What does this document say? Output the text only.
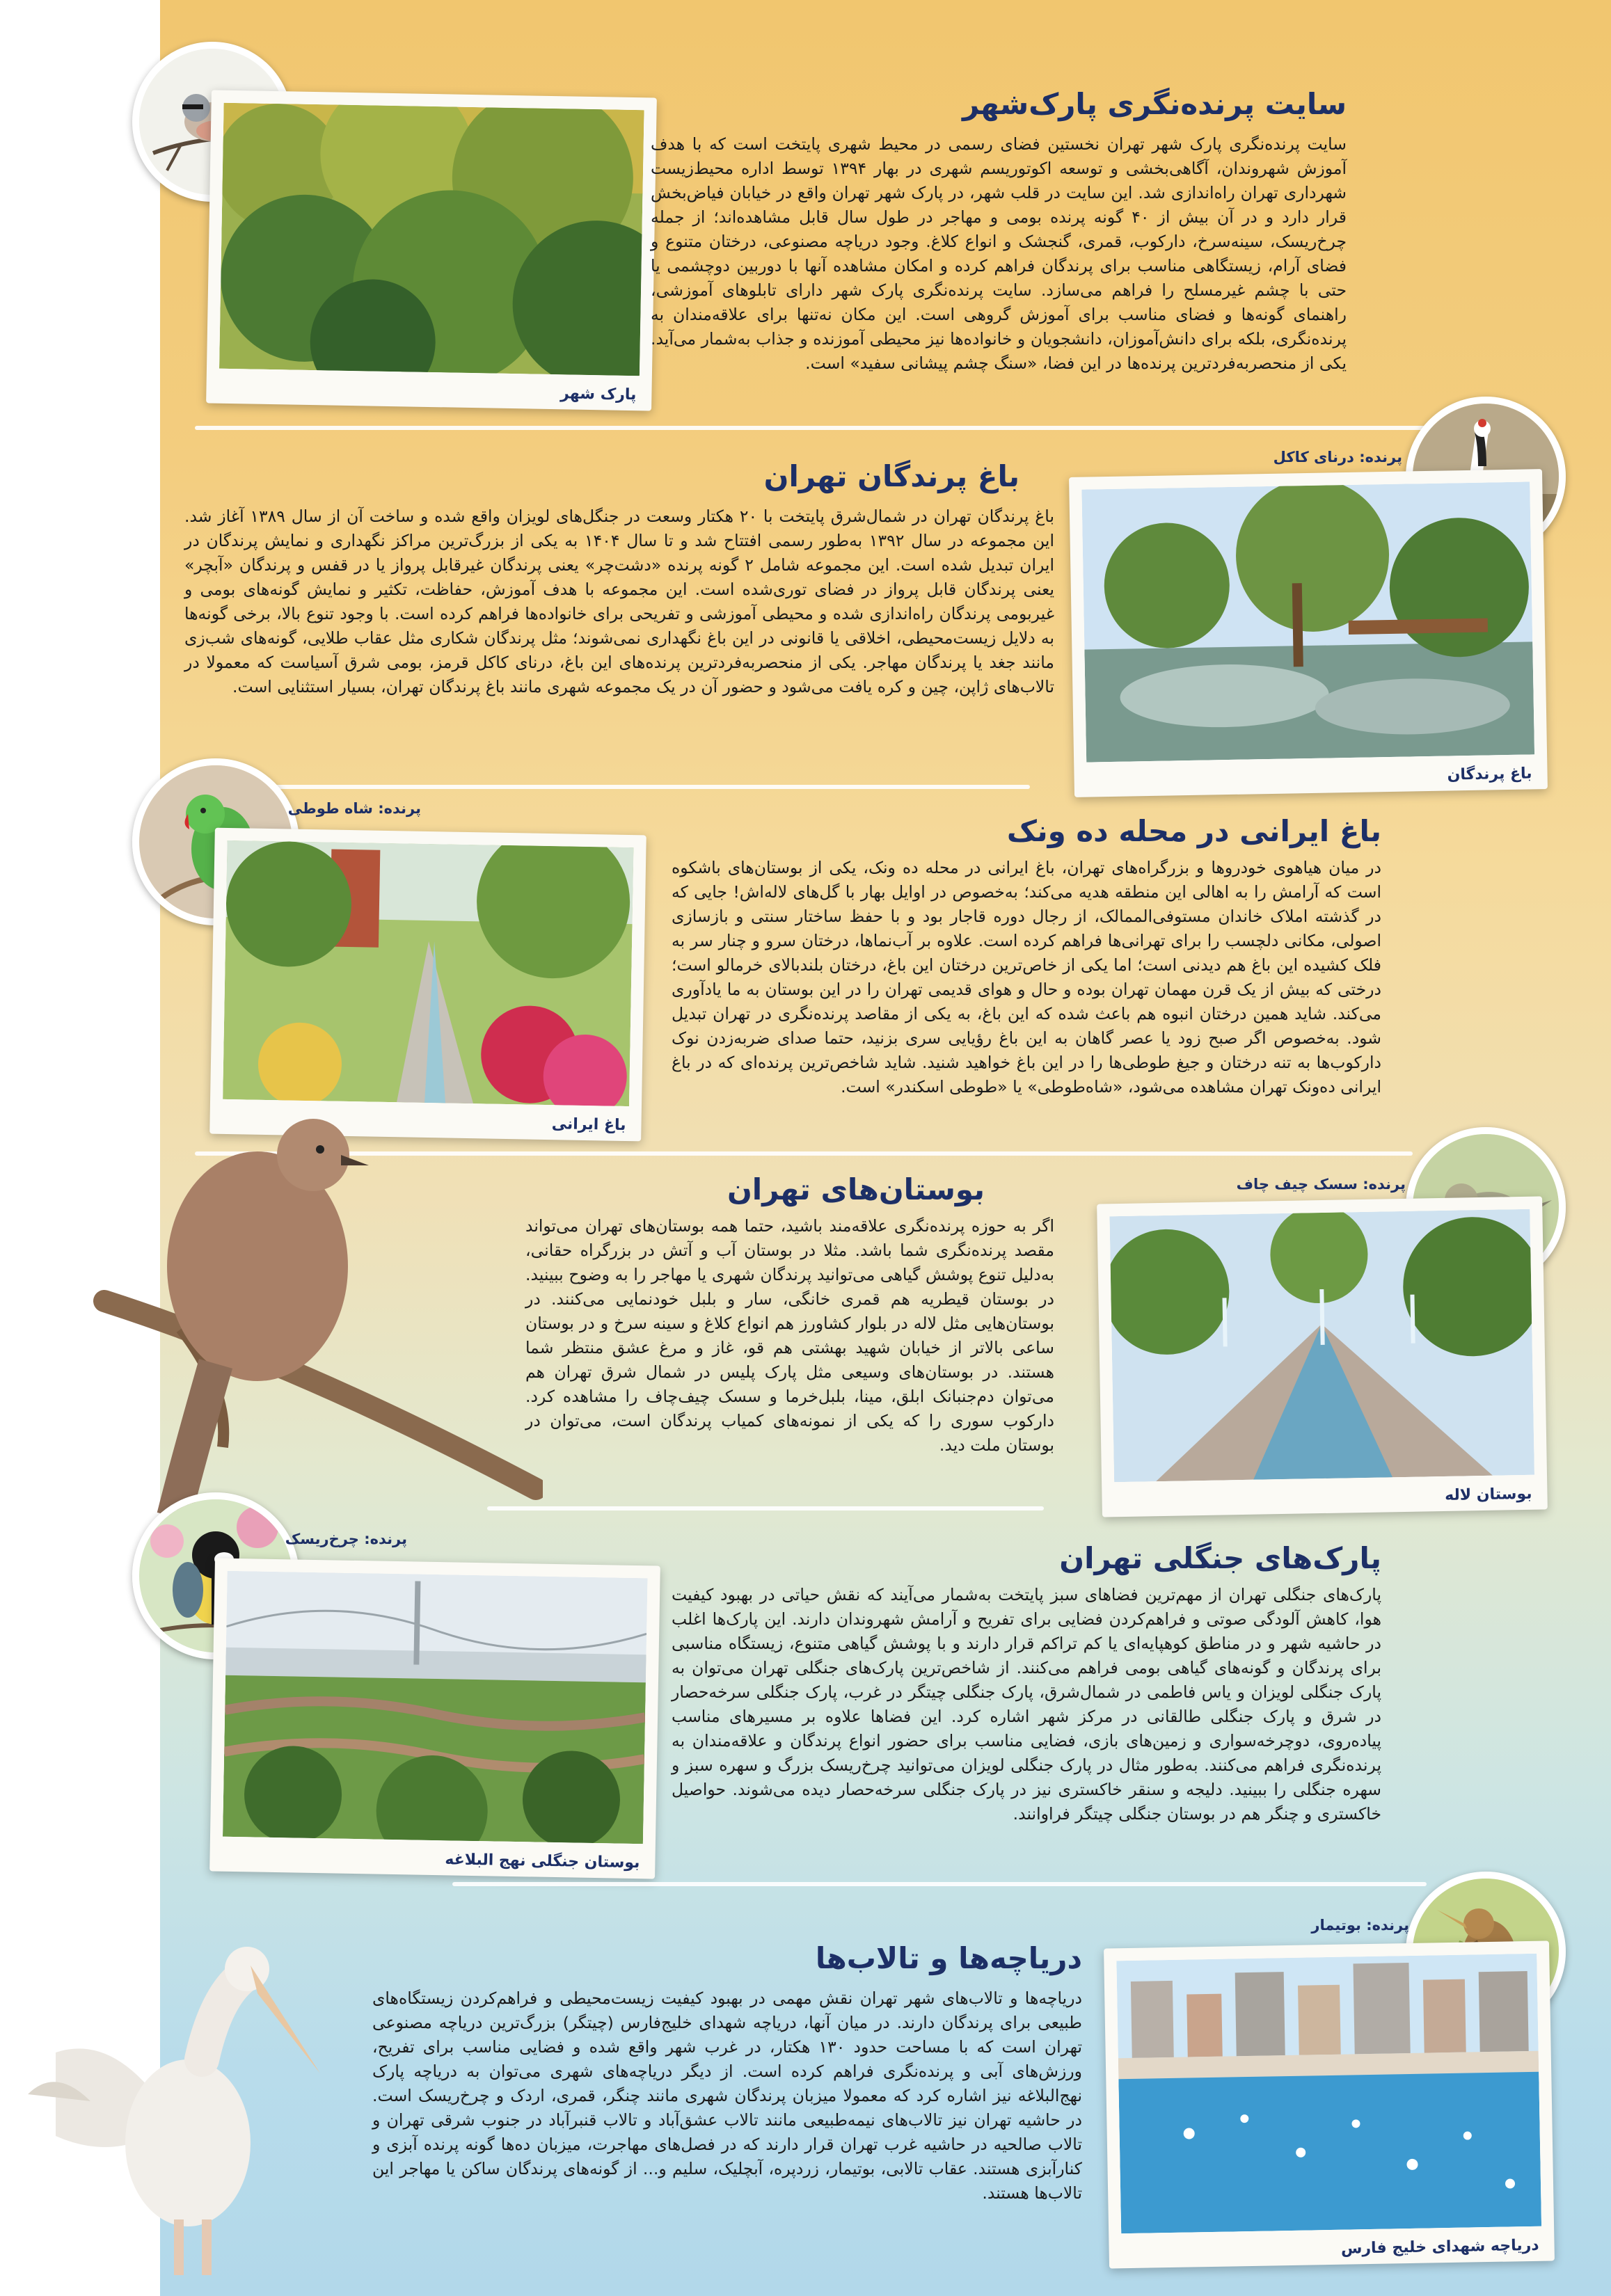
پارک شهر
سایت پرنده‌نگری پارک‌شهر
سایت پرنده‌نگری پارک شهر تهران نخستین فضای رسمی در محیط شهری پایتخت است که با هدف آموزش شهروندان، آگاهی‌بخشی و توسعه اکوتوریسم شهری در بهار ۱۳۹۴ توسط اداره محیط‌زیست شهرداری تهران راه‌اندازی شد. این سایت در قلب شهر، در پارک شهر تهران واقع در خیابان فیاض‌بخش قرار دارد و در آن بیش از ۴۰ گونه پرنده بومی و مهاجر در طول سال قابل مشاهده‌اند؛ از جمله چرخ‌ریسک، سینه‌سرخ، دارکوب، قمری، گنجشک و انواع کلاغ. وجود دریاچه مصنوعی، درختان متنوع و فضای آرام، زیستگاهی مناسب برای پرندگان فراهم کرده و امکان مشاهده آنها با دوربین دوچشمی یا حتی با چشم غیرمسلح را فراهم می‌سازد. سایت پرنده‌نگری پارک شهر دارای تابلوهای آموزشی، راهنمای گونه‌ها و فضای مناسب برای آموزش گروهی است. این مکان نه‌تنها برای علاقه‌مندان به پرنده‌نگری، بلکه برای دانش‌آموزان، دانشجویان و خانواده‌ها نیز محیطی آموزنده و جذاب به‌شمار می‌آید. یکی از منحصربه‌فردترین پرنده‌ها در این فضا، «سنگ چشم پیشانی سفید» است.
پرنده: درنای کاکل
باغ پرندگان
باغ پرندگان تهران
باغ پرندگان تهران در شمال‌شرق پایتخت با ۲۰ هکتار وسعت در جنگل‌های لویزان واقع شده و ساخت آن از سال ۱۳۸۹ آغاز شد. این مجموعه در سال ۱۳۹۲ به‌طور رسمی افتتاح شد و تا سال ۱۴۰۴ به یکی از بزرگ‌ترین مراکز نگهداری و نمایش پرندگان در ایران تبدیل شده است. این مجموعه شامل ۲ گونه پرنده «دشت‌چر» یعنی پرندگان غیرقابل پرواز یا در قفس و پرندگان «آبچر» یعنی پرندگان قابل پرواز در فضای توری‌شده است. این مجموعه با هدف آموزش، حفاظت، تکثیر و نمایش گونه‌های بومی و غیربومی پرندگان راه‌اندازی شده و محیطی آموزشی و تفریحی برای خانواده‌ها فراهم کرده است. با وجود تنوع بالا، برخی گونه‌ها به دلایل زیست‌محیطی، اخلاقی یا قانونی در این باغ نگهداری نمی‌شوند؛ مثل پرندگان شکاری مثل عقاب طلایی، گونه‌های شب‌زی مانند جغد یا پرندگان مهاجر. یکی از منحصربه‌فردترین پرنده‌های این باغ، درنای کاکل قرمز، بومی شرق آسیاست که معمولا در تالاب‌های ژاپن، چین و کره یافت می‌شود و حضور آن در یک مجموعه شهری مانند باغ پرندگان تهران، بسیار استثنایی است.
پرنده: شاه طوطی
باغ ایرانی
باغ ایرانی در محله ده ونک
در میان هیاهوی خودروها و بزرگراه‌های تهران، باغ ایرانی در محله ده ونک، یکی از بوستان‌های باشکوه است که آرامش را به اهالی این منطقه هدیه می‌کند؛ به‌خصوص در اوایل بهار با گل‌های لاله‌اش! جایی که در گذشته املاک خاندان مستوفی‌الممالک، از رجال دوره قاجار بود و با حفظ ساختار سنتی و بازسازی اصولی، مکانی دلچسب را برای تهرانی‌ها فراهم کرده است. علاوه بر آب‌نماها، درختان سرو و چنار سر به فلک کشیده این باغ هم دیدنی است؛ اما یکی از خاص‌ترین درختان این باغ، درختان بلندبالای خرمالو است؛ درختی که بیش از یک قرن مهمان تهران بوده و حال و هوای قدیمی تهران را در این بوستان به ما یادآوری می‌کند. شاید همین درختان انبوه هم باعث شده که این باغ، به یکی از مقاصد پرنده‌نگری در تهران تبدیل شود. به‌خصوص اگر صبح زود یا عصر گاهان به این باغ رؤیایی سری بزنید، حتما صدای ضربه‌زدن نوک دارکوب‌ها به تنه درختان و جیغ طوطی‌ها را در این باغ خواهید شنید. شاید شاخص‌ترین پرنده‌ای که در باغ ایرانی ده‌ونک تهران مشاهده می‌شود، «شاه‌طوطی» یا «طوطی اسکندر» است.
پرنده: سسک چیف چاف
بوستان لاله
بوستان‌های تهران
اگر به حوزه پرنده‌نگری علاقه‌مند باشید، حتما همه بوستان‌های تهران می‌تواند مقصد پرنده‌نگری شما باشد. مثلا در بوستان آب و آتش در بزرگراه حقانی، به‌دلیل تنوع پوشش گیاهی می‌توانید پرندگان شهری یا مهاجر را به وضوح ببینید. در بوستان قیطریه هم قمری خانگی، سار و بلبل خودنمایی می‌کنند. در بوستان‌هایی مثل لاله در بلوار کشاورز هم انواع کلاغ و سینه سرخ و در بوستان ساعی بالاتر از خیابان شهید بهشتی هم قو، غاز و مرغ عشق منتظر شما هستند. در بوستان‌های وسیعی مثل پارک پلیس در شمال شرق تهران هم می‌توان دم‌جنبانک ابلق، مینا، بلبل‌خرما و سسک چیف‌چاف را مشاهده کرد. دارکوب سوری را که یکی از نمونه‌های کمیاب پرندگان است، می‌توان در بوستان ملت دید.
پرنده: چرخ‌ریسک
بوستان جنگلی نهج البلاغه
پارک‌های جنگلی تهران
پارک‌های جنگلی تهران از مهم‌ترین فضاهای سبز پایتخت به‌شمار می‌آیند که نقش حیاتی در بهبود کیفیت هوا، کاهش آلودگی صوتی و فراهم‌کردن فضایی برای تفریح و آرامش شهروندان دارند. این پارک‌ها اغلب در حاشیه شهر و در مناطق کوهپایه‌ای یا کم تراکم قرار دارند و با پوشش گیاهی متنوع، زیستگاه مناسبی برای پرندگان و گونه‌های گیاهی بومی فراهم می‌کنند. از شاخص‌ترین پارک‌های جنگلی تهران می‌توان به پارک جنگلی لویزان و یاس فاطمی در شمال‌شرق، پارک جنگلی چیتگر در غرب، پارک جنگلی سرخه‌حصار در شرق و پارک جنگلی طالقانی در مرکز شهر اشاره کرد. این فضاها علاوه بر مسیرهای مناسب پیاده‌روی، دوچرخه‌سواری و زمین‌های بازی، فضایی مناسب برای حضور انواع پرندگان و علاقه‌مندان به پرنده‌نگری فراهم می‌کنند. به‌طور مثال در پارک جنگلی لویزان می‌توانید چرخ‌ریسک بزرگ و سهره سبز و سهره جنگلی را ببینید. دلیجه و سنقر خاکستری نیز در پارک جنگلی سرخه‌حصار دیده می‌شوند. حواصیل خاکستری و چنگر هم در بوستان جنگلی چیتگر فراوانند.
پرنده: بوتیمار
دریاچه شهدای خلیج فارس
دریاچه‌ها و تالاب‌ها
دریاچه‌ها و تالاب‌های شهر تهران نقش مهمی در بهبود کیفیت زیست‌محیطی و فراهم‌کردن زیستگاه‌های طبیعی برای پرندگان دارند. در میان آنها، دریاچه شهدای خلیج‌فارس (چیتگر) بزرگ‌ترین دریاچه مصنوعی تهران است که با مساحت حدود ۱۳۰ هکتار، در غرب شهر واقع شده و فضایی مناسب برای تفریح، ورزش‌های آبی و پرنده‌نگری فراهم کرده است. از دیگر دریاچه‌های شهری می‌توان به دریاچه پارک نهج‌البلاغه نیز اشاره کرد که معمولا میزبان پرندگان شهری مانند چنگر، قمری، اردک و چرخ‌ریسک است. در حاشیه تهران نیز تالاب‌های نیمه‌طبیعی مانند تالاب عشق‌آباد و تالاب قنبرآباد در جنوب شرقی تهران و تالاب صالحیه در حاشیه غرب تهران قرار دارند که در فصل‌های مهاجرت، میزبان ده‌ها گونه پرنده آبزی و کنارآبزی هستند. عقاب تالابی، بوتیمار، زردپره، آبچلیک، سلیم و... از گونه‌های پرندگان ساکن یا مهاجر این تالاب‌ها هستند.
